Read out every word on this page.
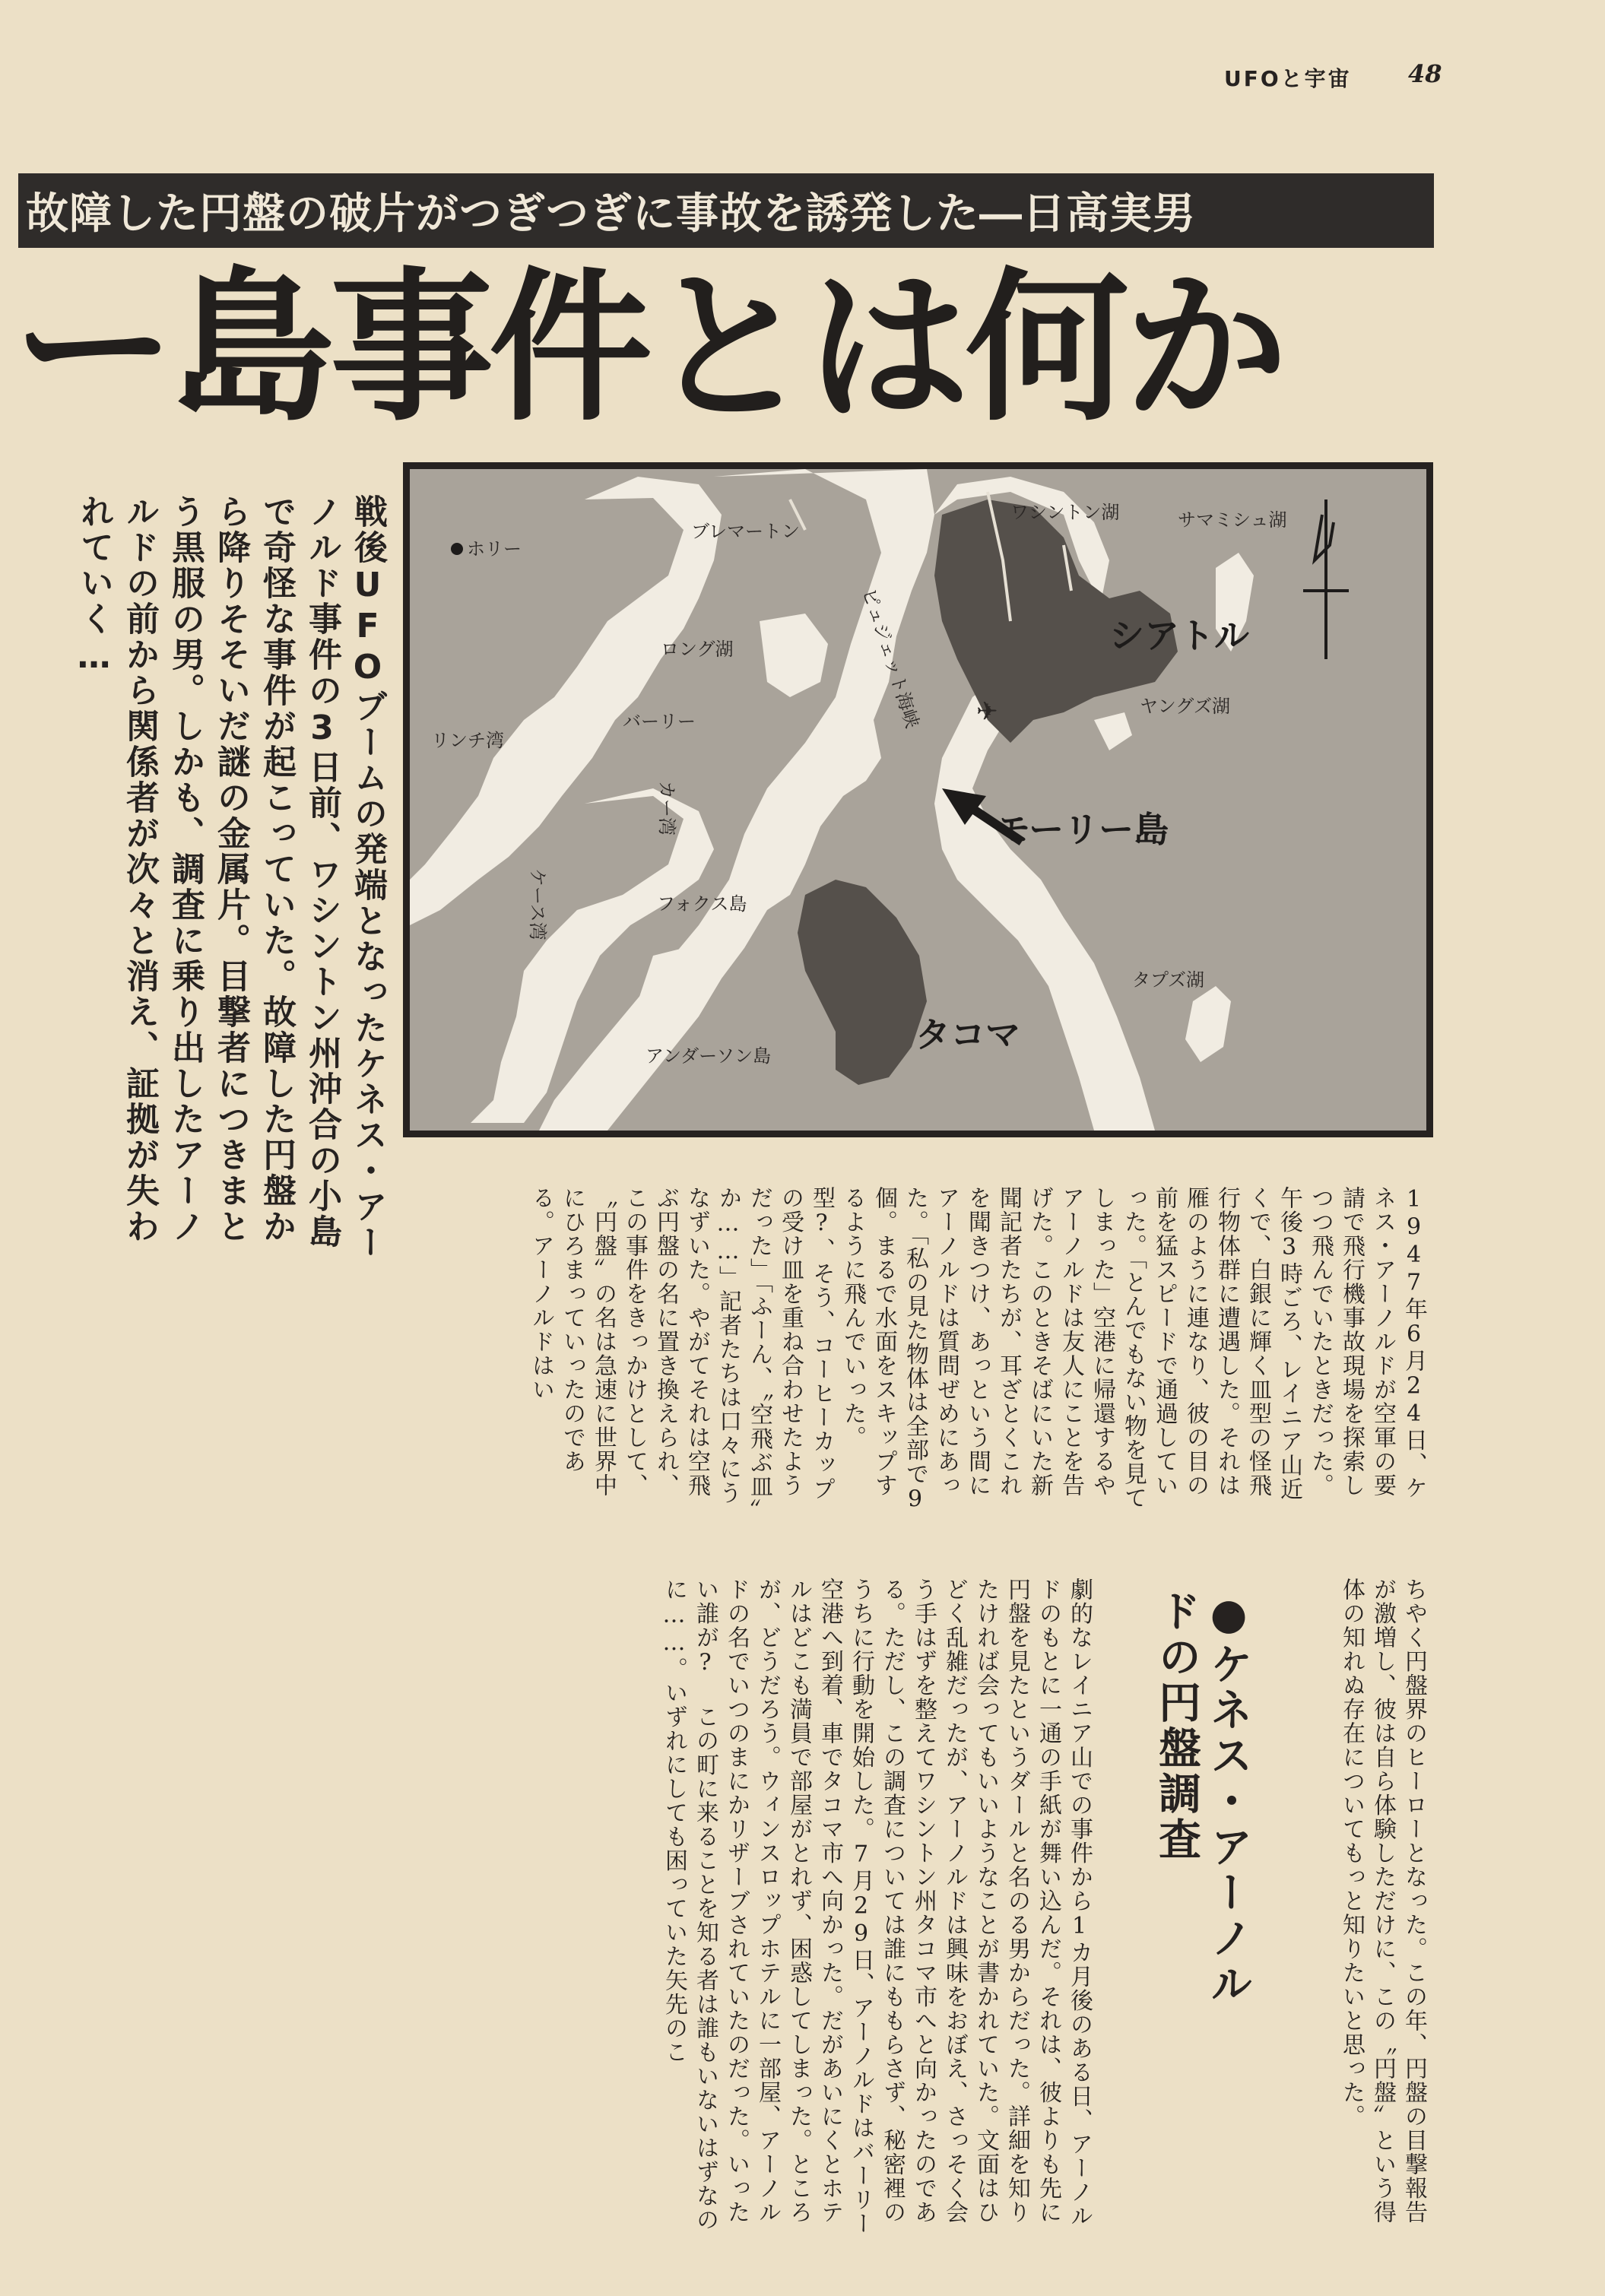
UFOと宇宙 48
故障した円盤の破片がつぎつぎに事故を誘発した―日高実男
ー島事件とは何か
戦後UFOブームの発端となったケネス・アーノルド事件の3日前、ワシントン州沖合の小島で奇怪な事件が起こっていた。故障した円盤から降りそそいだ謎の金属片。目撃者につきまとう黒服の男。しかも、調査に乗り出したアーノルドの前から関係者が次々と消え、証拠が失われていく…
✈
ホリー
ブレマートン
ワシントン湖	サマミシュ湖
ピュジェット海峡	シアトル
ロング湖
リンチ湾
バーリー
ヤングズ湖
カー湾	モーリー島
ケース湾	フォクス島
タプズ湖
アンダーソン島
タコマ
1947年6月24日、ケネス・アーノルドが空軍の要請で飛行機事故現場を探索しつつ飛んでいたときだった。午後3時ごろ、レイニア山近くで、白銀に輝く皿型の怪飛行物体群に遭遇した。それは雁のように連なり、彼の目の前を猛スピードで通過していった。「とんでもない物を見てしまった」空港に帰還するやアーノルドは友人にことを告げた。このときそばにいた新聞記者たちが、耳ざとくこれを聞きつけ、あっという間にアーノルドは質問ぜめにあった。「私の見た物体は全部で9個。まるで水面をスキップするように飛んでいった。型?、そう、コーヒーカップの受け皿を重ね合わせたようだった」「ふーん、〝空飛ぶ皿〟か……」記者たちは口々にうなずいた。やがてそれは空飛ぶ円盤の名に置き換えられ、この事件をきっかけとして、〝円盤〟の名は急速に世界中にひろまっていったのである。アーノルドはい
ちやく円盤界のヒーローとなった。この年、円盤の目撃報告が激増し、彼は自ら体験しただけに、この〝円盤〟という得体の知れぬ存在についてもっと知りたいと思った。
●ケネス・アーノルドの円盤調査
劇的なレイニア山での事件から1カ月後のある日、アーノルドのもとに一通の手紙が舞い込んだ。それは、彼よりも先に円盤を見たというダールと名のる男からだった。詳細を知りたければ会ってもいいようなことが書かれていた。文面はひどく乱雑だったが、アーノルドは興味をおぼえ、さっそく会う手はずを整えてワシントン州タコマ市へと向かったのである。ただし、この調査については誰にももらさず、秘密裡のうちに行動を開始した。7月29日、アーノルドはバーリー空港へ到着、車でタコマ市へ向かった。だがあいにくとホテルはどこも満員で部屋がとれず、困惑してしまった。ところが、どうだろう。ウィンスロップホテルに一部屋、アーノルドの名でいつのまにかリザーブされていたのだった。いったい誰が? この町に来ることを知る者は誰もいないはずなのに……。いずれにしても困っていた矢先のこ
